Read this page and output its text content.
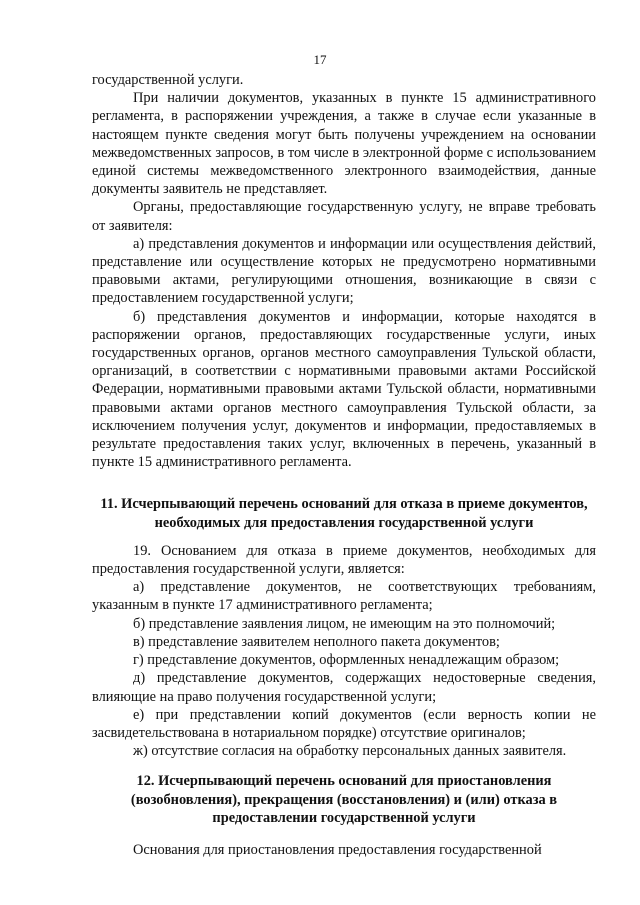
17

государственной услуги.

При наличии документов, указанных в пункте 15 административного регламента, в распоряжении учреждения, а также в случае если указанные в настоящем пункте сведения могут быть получены учреждением на основании межведомственных запросов, в том числе в электронной форме с использованием единой системы межведомственного электронного взаимодействия, данные документы заявитель не представляет.

Органы, предоставляющие государственную услугу, не вправе требовать от заявителя:

а) представления документов и информации или осуществления действий, представление или осуществление которых не предусмотрено нормативными правовыми актами, регулирующими отношения, возникающие в связи с предоставлением государственной услуги;

б) представления документов и информации, которые находятся в распоряжении органов, предоставляющих государственные услуги, иных государственных органов, органов местного самоуправления Тульской области, организаций, в соответствии с нормативными правовыми актами Российской Федерации, нормативными правовыми актами Тульской области, нормативными правовыми актами органов местного самоуправления Тульской области, за исключением получения услуг, документов и информации, предоставляемых в результате предоставления таких услуг, включенных в перечень, указанный в пункте 15 административного регламента.

11. Исчерпывающий перечень оснований для отказа в приеме документов, необходимых для предоставления государственной услуги

19. Основанием для отказа в приеме документов, необходимых для предоставления государственной услуги, является:

а) представление документов, не соответствующих требованиям, указанным в пункте 17 административного регламента;

б) представление заявления лицом, не имеющим на это полномочий;

в) представление заявителем неполного пакета документов;

г) представление документов, оформленных ненадлежащим образом;

д) представление документов, содержащих недостоверные сведения, влияющие на право получения государственной услуги;

е) при представлении копий документов (если верность копии не засвидетельствована в нотариальном порядке) отсутствие оригиналов;

ж) отсутствие согласия на обработку персональных данных заявителя.

12. Исчерпывающий перечень оснований для приостановления (возобновления), прекращения (восстановления) и (или) отказа в предоставлении государственной услуги

Основания для приостановления предоставления государственной
